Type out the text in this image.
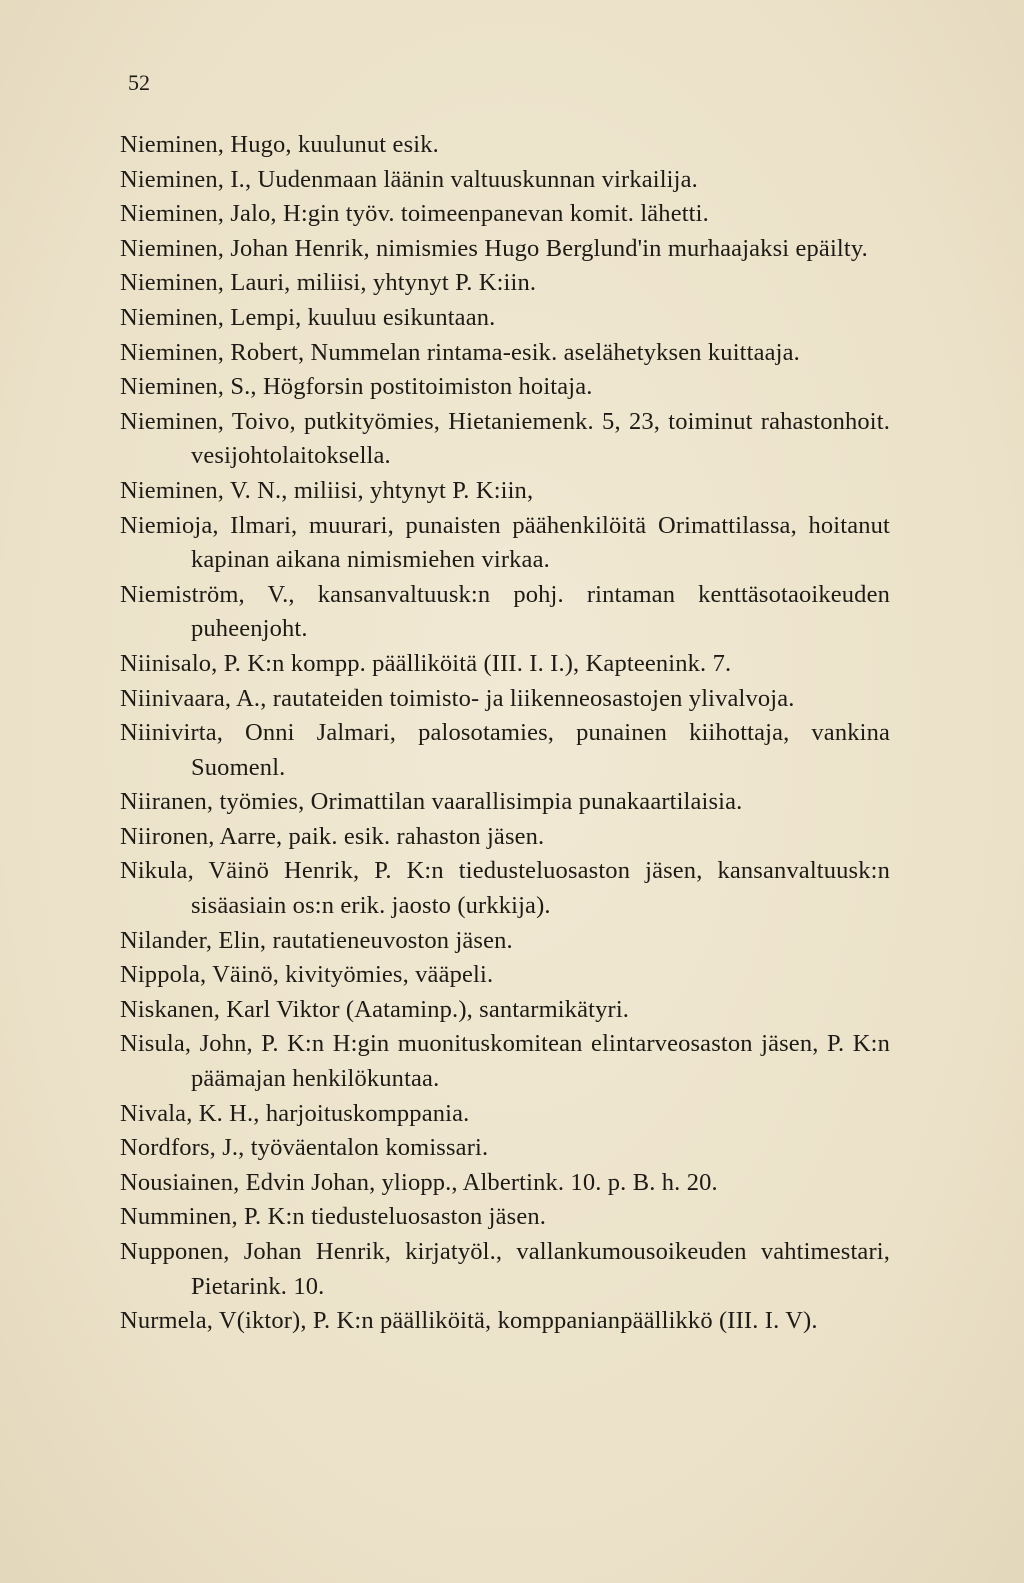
52
Nieminen, Hugo, kuulunut esik.
Nieminen, I., Uudenmaan läänin valtuuskunnan virkailija.
Nieminen, Jalo, H:gin työv. toimeenpanevan komit. lähetti.
Nieminen, Johan Henrik, nimismies Hugo Berglund'in murhaajaksi epäilty.
Nieminen, Lauri, miliisi, yhtynyt P. K:iin.
Nieminen, Lempi, kuuluu esikuntaan.
Nieminen, Robert, Nummelan rintama-esik. aselähetyksen kuittaaja.
Nieminen, S., Högforsin postitoimiston hoitaja.
Nieminen, Toivo, putkityömies, Hietaniemenk. 5, 23, toiminut rahastonhoit. vesijohtolaitoksella.
Nieminen, V. N., miliisi, yhtynyt P. K:iin,
Niemioja, Ilmari, muurari, punaisten päähenkilöitä Orimattilassa, hoitanut kapinan aikana nimismiehen virkaa.
Niemiström, V., kansanvaltuusk:n pohj. rintaman kenttäsotaoikeuden puheenjoht.
Niinisalo, P. K:n kompp. päälliköitä (III. I. I.), Kapteenink. 7.
Niinivaara, A., rautateiden toimisto- ja liikenneosastojen ylivalvoja.
Niinivirta, Onni Jalmari, palosotamies, punainen kiihottaja, vankina Suomenl.
Niiranen, työmies, Orimattilan vaarallisimpia punakaartilaisia.
Niironen, Aarre, paik. esik. rahaston jäsen.
Nikula, Väinö Henrik, P. K:n tiedusteluosaston jäsen, kansanvaltuusk:n sisäasiain os:n erik. jaosto (urkkija).
Nilander, Elin, rautatieneuvoston jäsen.
Nippola, Väinö, kivityömies, vääpeli.
Niskanen, Karl Viktor (Aataminp.), santarmikätyri.
Nisula, John, P. K:n H:gin muonituskomitean elintarveosaston jäsen, P. K:n päämajan henkilökuntaa.
Nivala, K. H., harjoituskomppania.
Nordfors, J., työväentalon komissari.
Nousiainen, Edvin Johan, yliopp., Albertink. 10. p. B. h. 20.
Numminen, P. K:n tiedusteluosaston jäsen.
Nupponen, Johan Henrik, kirjatyöl., vallankumousoikeuden vahtimestari, Pietarink. 10.
Nurmela, V(iktor), P. K:n päälliköitä, komppanianpäällikkö (III. I. V).
